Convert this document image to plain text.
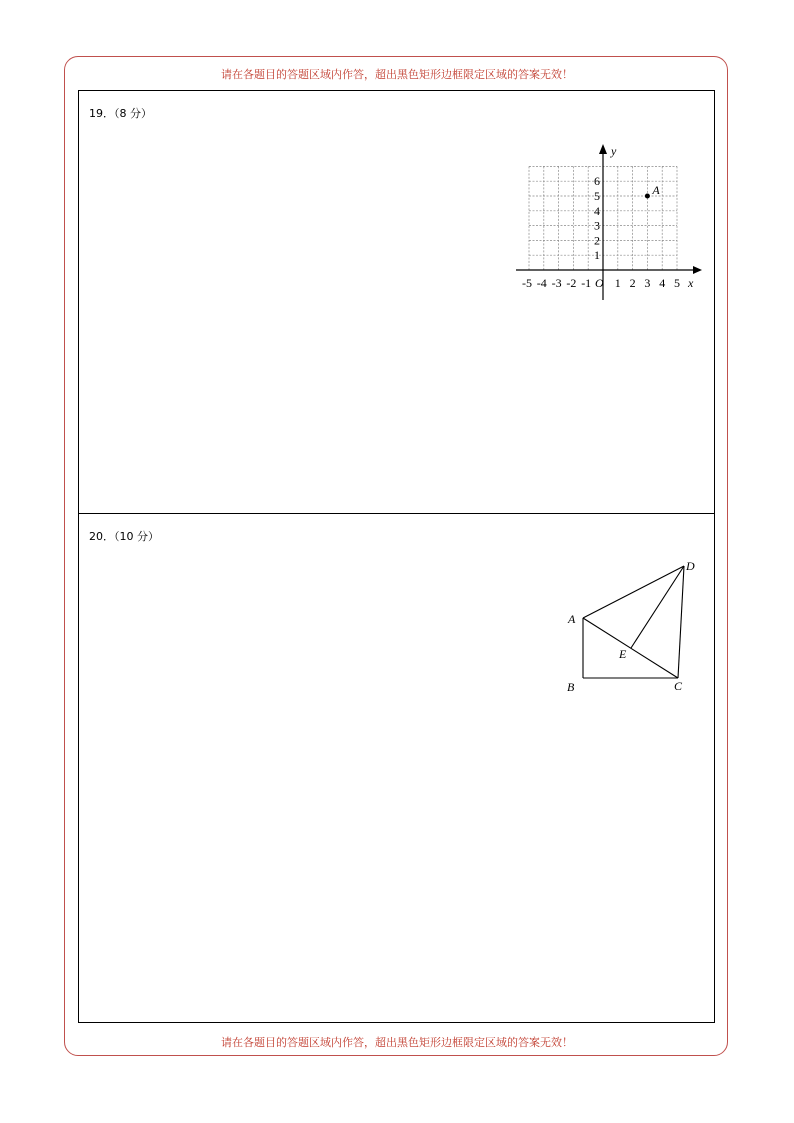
请在各题目的答题区域内作答，超出黑色矩形边框限定区域的答案无效！
19．（8 分）
y
x
O
-5 -4 -3 -2 -1 1 2 3 4 5
1
2
3
4
5
6
A
20．（10 分）
A
B	C
D
E
请在各题目的答题区域内作答，超出黑色矩形边框限定区域的答案无效！
